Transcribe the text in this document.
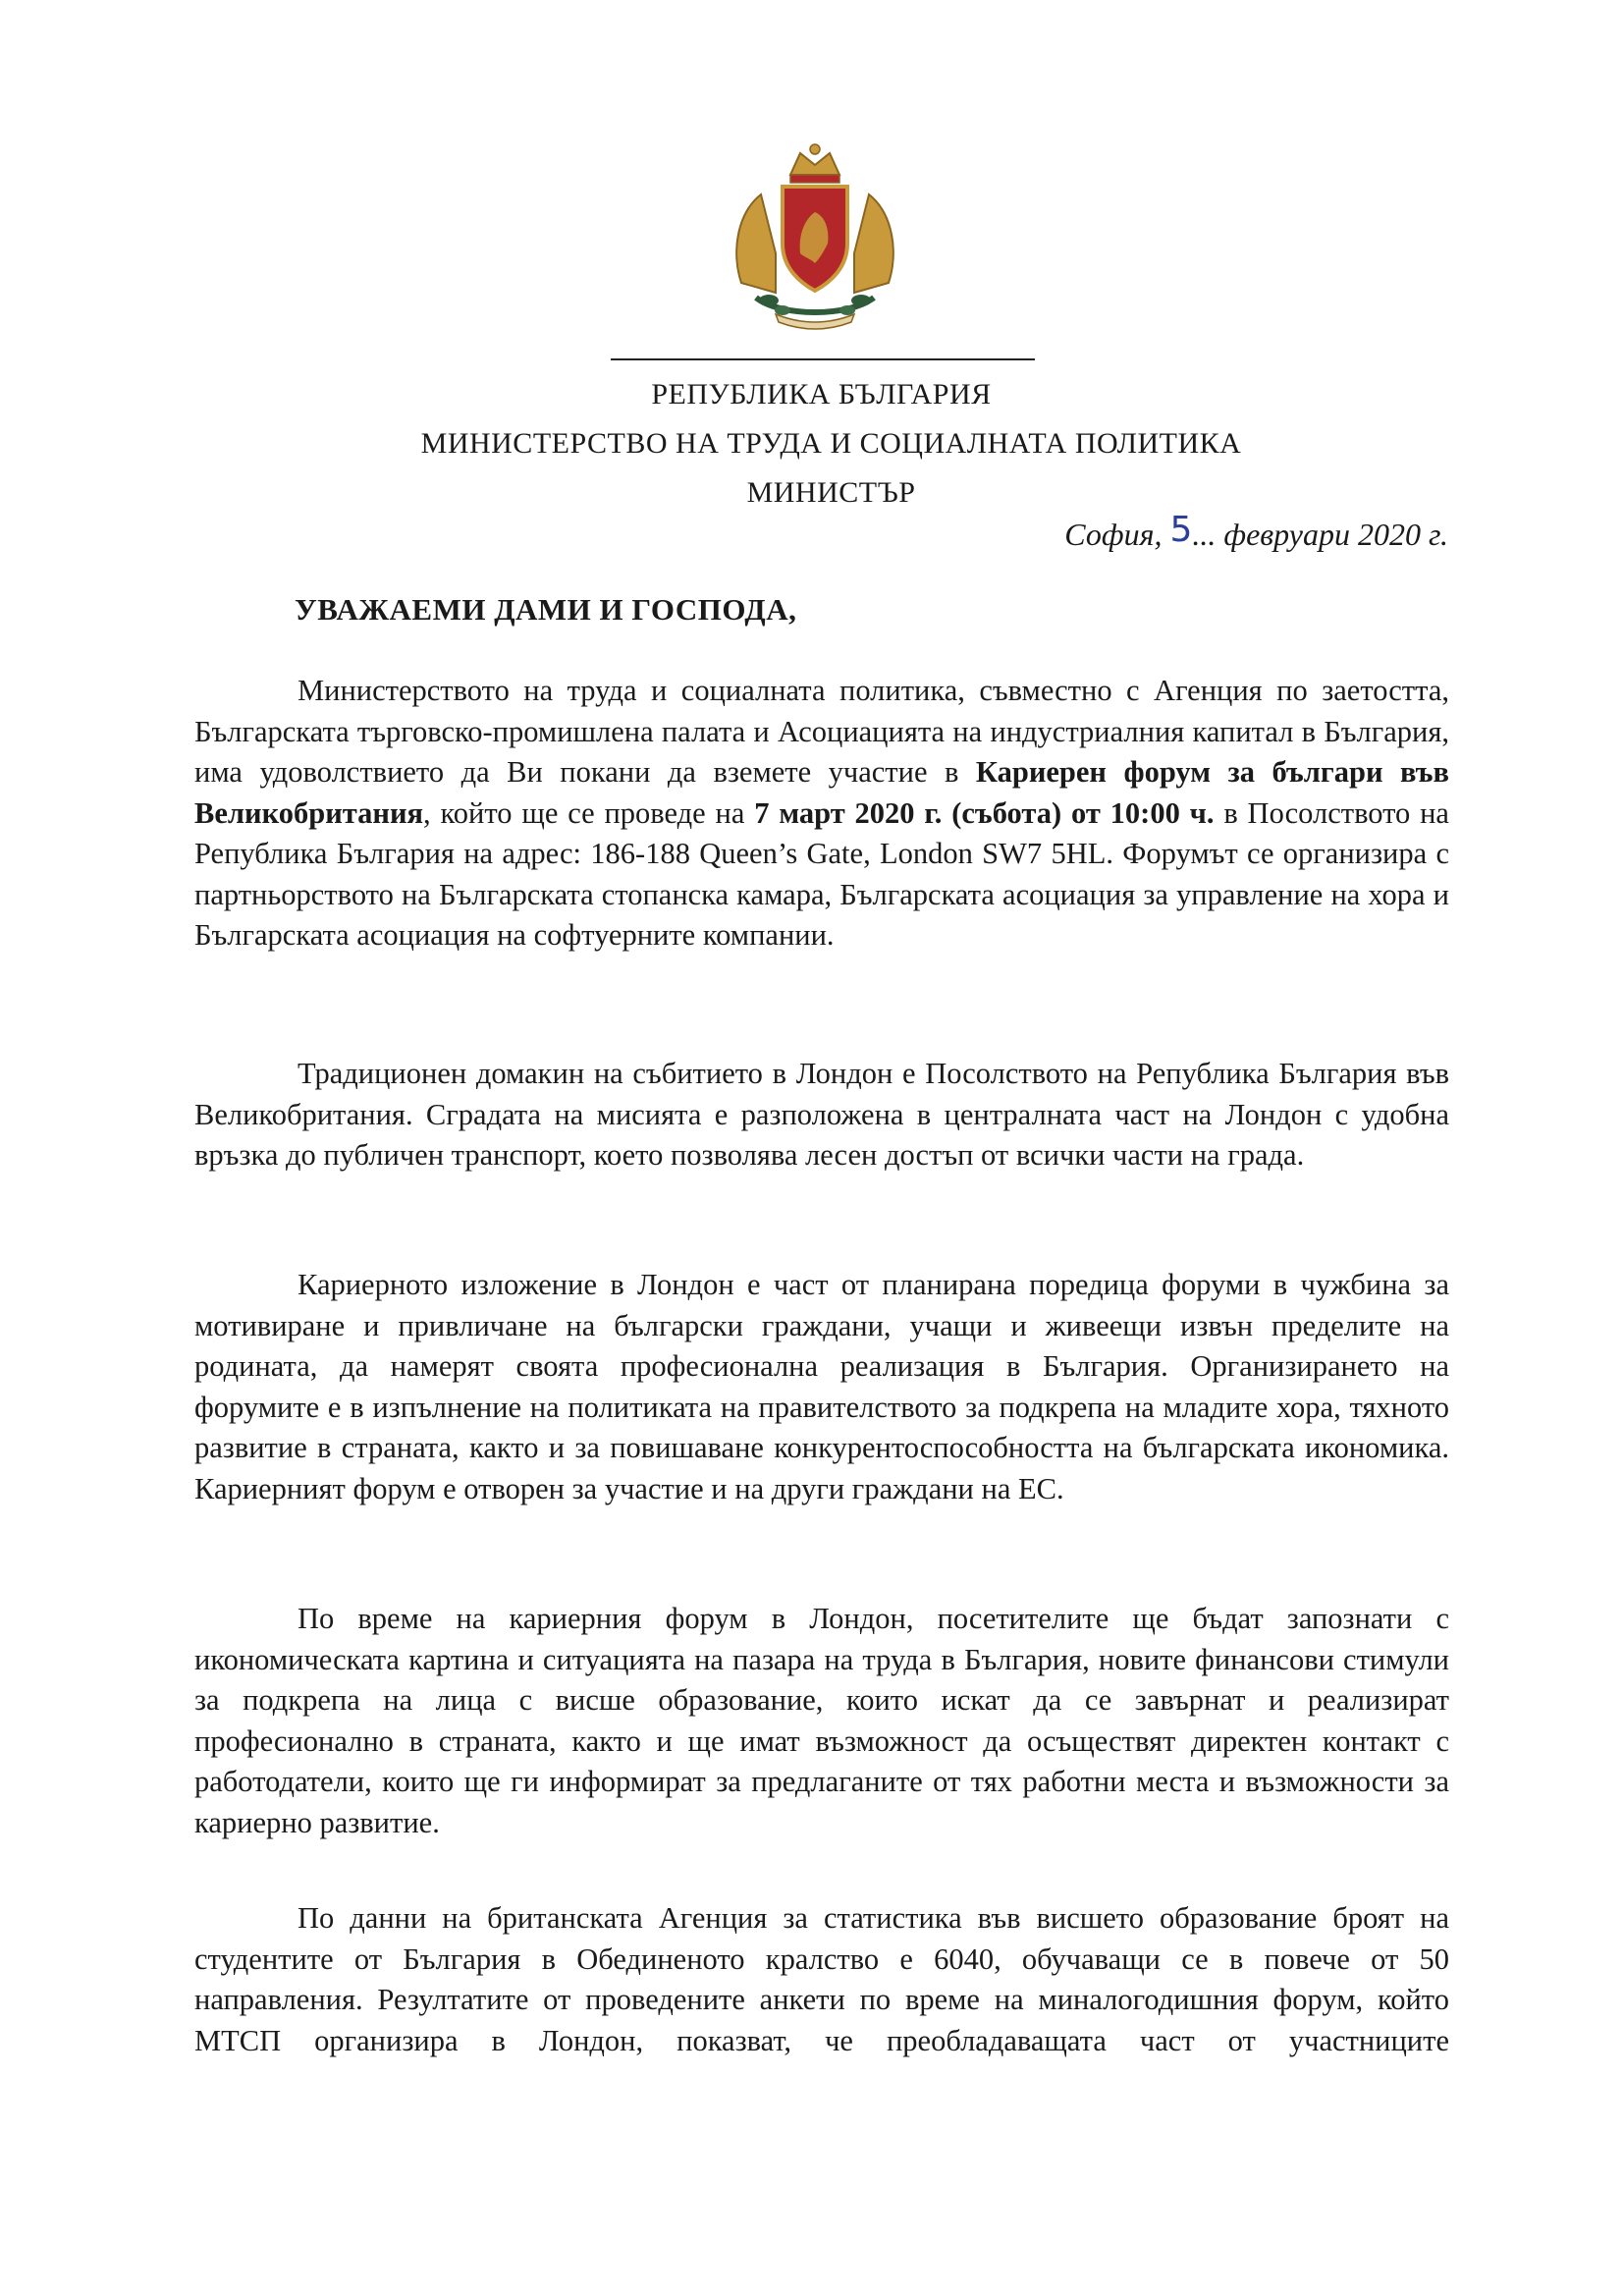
РЕПУБЛИКА БЪЛГАРИЯ
МИНИСТЕРСТВО НА ТРУДА И СОЦИАЛНАТА ПОЛИТИКА
МИНИСТЪР
София, 5... февруари 2020 г.
УВАЖАЕМИ ДАМИ И ГОСПОДА,
Министерството на труда и социалната политика, съвместно с Агенция по заетостта, Българската търговско-промишлена палата и Асоциацията на индустриалния капитал в България, има удоволствието да Ви покани да вземете участие в Кариерен форум за българи във Великобритания, който ще се проведе на 7 март 2020 г. (събота) от 10:00 ч. в Посолството на Република България на адрес: 186-188 Queen’s Gate, London SW7 5HL. Форумът се организира с партньорството на Българската стопанска камара, Българската асоциация за управление на хора и Българската асоциация на софтуерните компании.
Традиционен домакин на събитието в Лондон е Посолството на Република България във Великобритания. Сградата на мисията е разположена в централната част на Лондон с удобна връзка до публичен транспорт, което позволява лесен достъп от всички части на града.
Кариерното изложение в Лондон е част от планирана поредица форуми в чужбина за мотивиране и привличане на български граждани, учащи и живеещи извън пределите на родината, да намерят своята професионална реализация в България. Организирането на форумите е в изпълнение на политиката на правителството за подкрепа на младите хора, тяхното развитие в страната, както и за повишаване конкурентоспособността на българската икономика. Кариерният форум е отворен за участие и на други граждани на ЕС.
По време на кариерния форум в Лондон, посетителите ще бъдат запознати с икономическата картина и ситуацията на пазара на труда в България, новите финансови стимули за подкрепа на лица с висше образование, които искат да се завърнат и реализират професионално в страната, както и ще имат възможност да осъществят директен контакт с работодатели, които ще ги информират за предлаганите от тях работни места и възможности за кариерно развитие.
По данни на британската Агенция за статистика във висшето образование броят на студентите от България в Обединеното кралство е 6040, обучаващи се в повече от 50 направления. Резултатите от проведените анкети по време на миналогодишния форум, който МТСП организира в Лондон, показват, че преобладаващата част от участниците
